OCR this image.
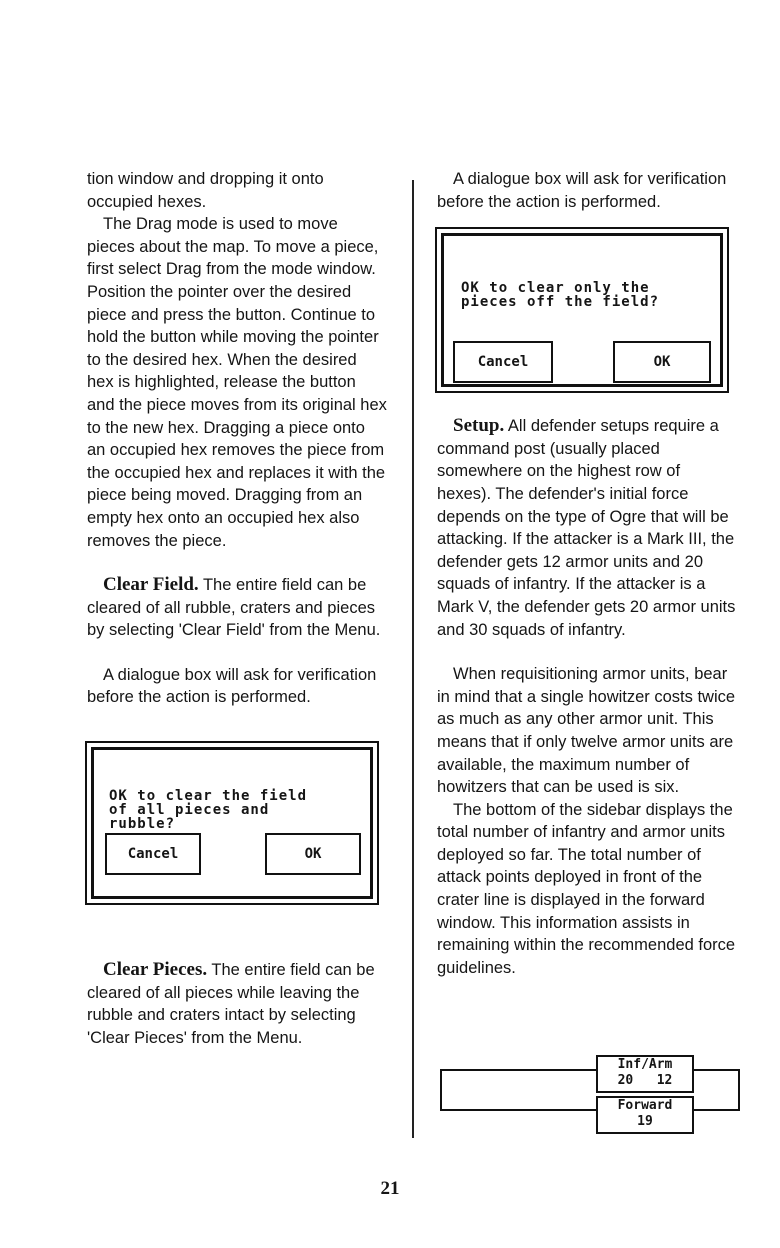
tion window and dropping it onto occupied hexes.

The Drag mode is used to move pieces about the map. To move a piece, first select Drag from the mode window. Position the pointer over the desired piece and press the button. Continue to hold the button while moving the pointer to the desired hex. When the desired hex is highlighted, release the button and the piece moves from its original hex to the new hex. Dragging a piece onto an occupied hex removes the piece from the occupied hex and replaces it with the piece being moved. Dragging from an empty hex onto an occupied hex also removes the piece.

Clear Field. The entire field can be cleared of all rubble, craters and pieces by selecting 'Clear Field' from the Menu.

A dialogue box will ask for verification before the action is performed.

OK to clear the field
of all pieces and
rubble?
Cancel	OK

Clear Pieces. The entire field can be cleared of all pieces while leaving the rubble and craters intact by selecting 'Clear Pieces' from the Menu.

A dialogue box will ask for verification before the action is performed.

OK to clear only the
pieces off the field?
Cancel	OK

Setup. All defender setups require a command post (usually placed somewhere on the highest row of hexes). The defender's initial force depends on the type of Ogre that will be attacking. If the attacker is a Mark III, the defender gets 12 armor units and 20 squads of infantry. If the attacker is a Mark V, the defender gets 20 armor units and 30 squads of infantry.

When requisitioning armor units, bear in mind that a single howitzer costs twice as much as any other armor unit. This means that if only twelve armor units are available, the maximum number of howitzers that can be used is six.

The bottom of the sidebar displays the total number of infantry and armor units deployed so far. The total number of attack points deployed in front of the crater line is displayed in the forward window. This information assists in remaining within the recommended force guidelines.

Inf/Arm
20 12
Forward
19
21
